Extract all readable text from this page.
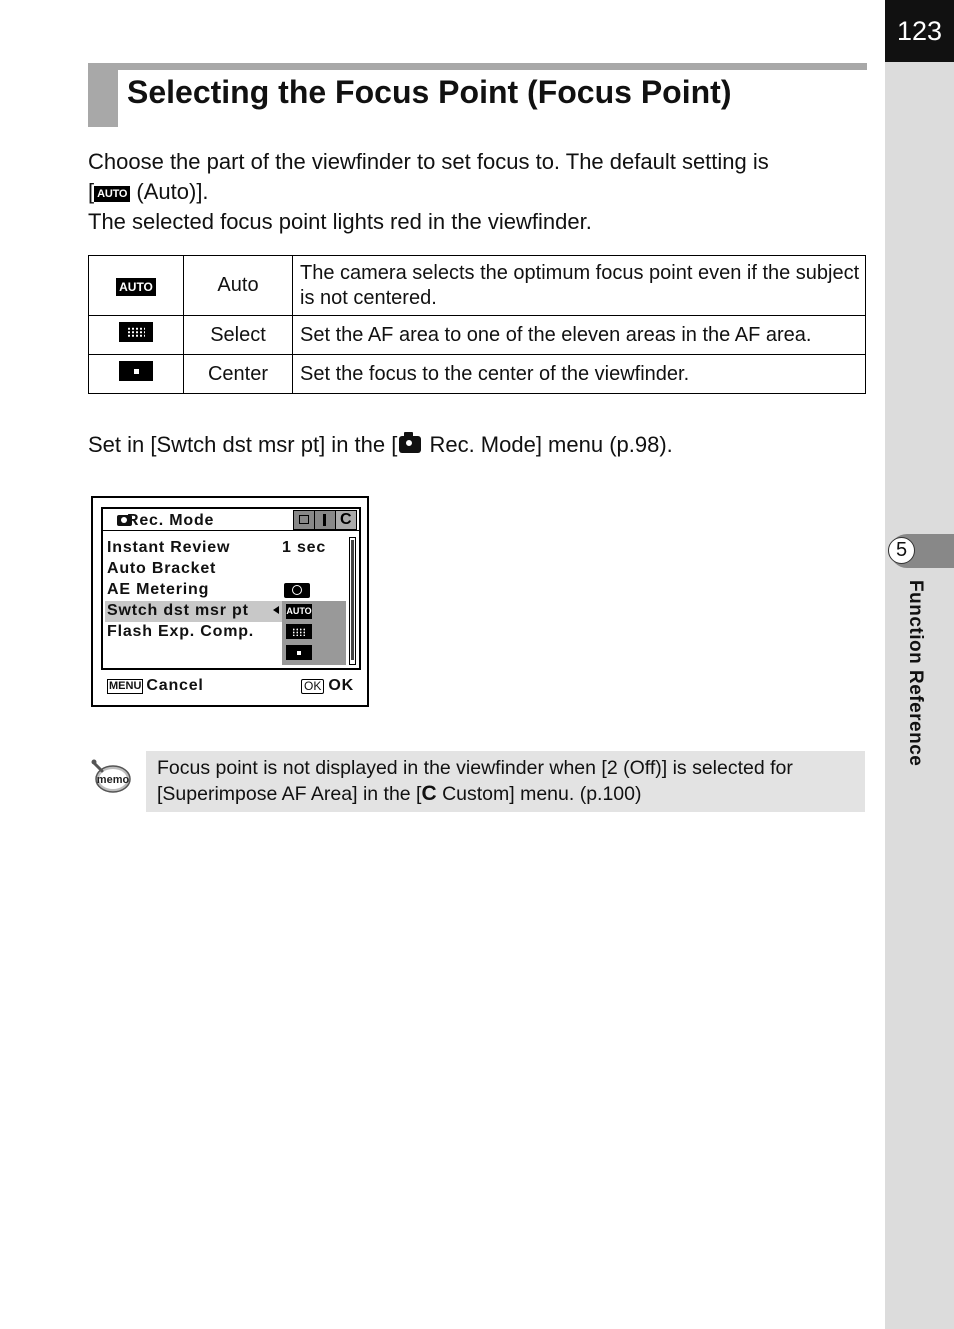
123
5
Function Reference
Selecting the Focus Point (Focus Point)

Choose the part of the viewfinder to set focus to. The default setting is

[ AUTO (Auto)].

The selected focus point lights red in the viewfinder.

AUTO	Auto	The camera selects the optimum focus point even if the subject is not centered.
	Select	Set the AF area to one of the eleven areas in the AF area.
	Center	Set the focus to the center of the viewfinder.
Set in [Swtch dst msr pt] in the [ Rec. Mode] menu (p.98).
Rec. Mode
C
Instant Review	1 sec
Auto Bracket
AE Metering
Swtch dst msr pt
Flash Exp. Comp.
AUTO
MENU Cancel	OK OK
memo

Focus point is not displayed in the viewfinder when [2 (Off)] is selected for
[Superimpose AF Area] in the [C Custom] menu. (p.100)
